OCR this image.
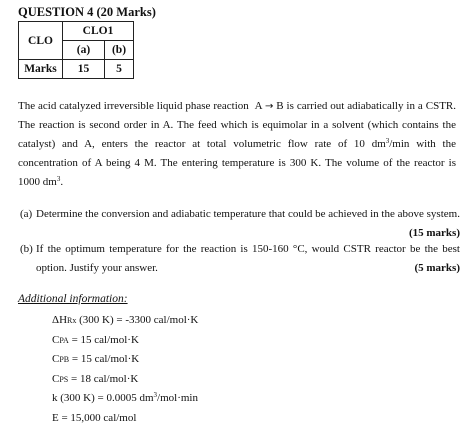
QUESTION 4 (20 Marks)
CLO	CLO1	
	(a)	(b)
Marks	15	5

The acid catalyzed irreversible liquid phase reaction A → B is carried out adiabatically in a CSTR. The reaction is second order in A. The feed which is equimolar in a solvent (which contains the catalyst) and A, enters the reactor at total volumetric flow rate of 10 $dm^3/\min$ with the concentration of A being 4 M. The entering temperature is 300 K. The volume of the reactor is 1000 $dm^3$.

(a) Determine the conversion and adiabatic temperature that could be achieved in the above system.
(15 marks)
(b) If the optimum temperature for the reaction is 150-160 °C, would CSTR reactor be the best option. Justify your answer.	(5 marks)
Additional information:
ΔHRx (300 K) = -3300 cal/mol·K
CPA = 15 cal/mol·K
CPB = 15 cal/mol·K
CPS = 18 cal/mol·K
k (300 K) = 0.0005 $dm^3/mol\cdot\min$
E = 15,000 cal/mol
